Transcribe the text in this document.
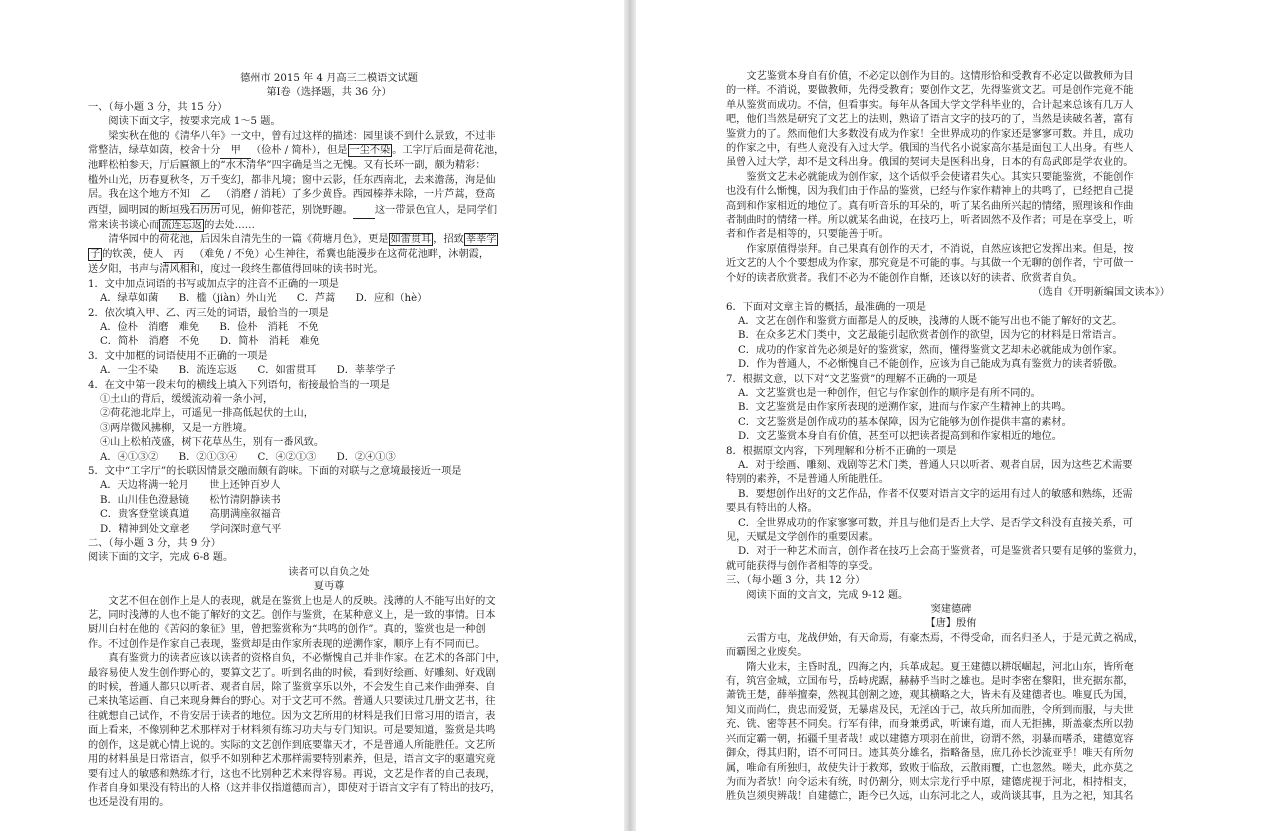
德州市 2015 年 4 月高三二模语文试题

第Ⅰ卷（选择题，共 36 分）

一、（每小题 3 分，共 15 分）

阅读下面文字，按要求完成 1～5 题。

梁实秋在他的《清华八年》一文中，曾有过这样的描述：园里谈不到什么景致，不过非

常整洁，绿草如茵，校舍十分　 甲　 （俭朴 / 简朴），但是 一尘不染 。工字厅后面是荷花池，

池畔松柏参天，厅后匾额上的“水木清华”四字确是当之无愧。又有长环一副，颇为精彩：

槛外山光，历春夏秋冬，万千变幻，都非凡境；窗中云影，任东西南北，去来澹荡，洵是仙

居。我在这个地方不知　 乙　 （消磨 / 消耗）了多少黄昏。西园榛莽未除，一片芦蒿，登高

西望，圆明园的断垣残石历历可见，俯仰苍茫，别饶野趣。　　 这一带景色宜人，是同学们

常来读书谈心而 流连忘返 的去处……

清华园中的荷花池，后因朱自清先生的一篇《荷塘月色》，更是 如雷贯耳 ，招致 莘莘学

子 的钦羡，使人　 丙　 （难免 / 不免）心生神往，希冀也能漫步在这荷花池畔，沐朝霞，

送夕阳，书声与清风相和，度过一段终生都值得回味的读书时光。

1．文中加点词语的书写或加点字的注音不正确的一项是

A．绿草如菌　　B．槛（jiàn）外山光　　C．芦蒿　　D．应和（hè）

2．依次填入甲、乙、丙三处的词语，最恰当的一项是

A．俭朴　消磨　难免　　B．俭朴　消耗　不免

C．简朴　消磨　不免　　D．简朴　消耗　难免

3．文中加框的词语使用不正确的一项是

A．一尘不染　　B．流连忘返　　C．如雷贯耳　　D．莘莘学子

4．在文中第一段末句的横线上填入下列语句，衔接最恰当的一项是

①土山的背后，缓缓流动着一条小河，

②荷花池北岸上，可遥见一排高低起伏的土山，

③两岸微风拂柳，又是一方胜境。

④山上松柏茂盛，树下花草丛生，别有一番风致。

A．④①③②　　B．②①③④　　C．④②①③　　D．②④①③

5．文中“工字厅”的长联因情景交融而颇有韵味。下面的对联与之意境最接近一项是

A．天边将满一轮月　　世上还钟百岁人

B．山川佳色澄悬镜　　松竹清阴静读书

C．贵客登堂谈真道　　高朋满座叙福音

D．精神到处文章老　　学问深时意气平

二、（每小题 3 分，共 9 分）

阅读下面的文字，完成 6-8 题。

读者可以自负之处

夏丏尊

文艺不但在创作上是人的表现，就是在鉴赏上也是人的反映。浅薄的人不能写出好的文

艺，同时浅薄的人也不能了解好的文艺。创作与鉴赏，在某种意义上，是一致的事情。日本

厨川白村在他的《苦闷的象征》里，曾把鉴赏称为“共鸣的创作”。真的，鉴赏也是一种创

作。不过创作是作家自己表现，鉴赏却是由作家所表现的逆溯作家，顺序上有不同而已。

真有鉴赏力的读者应该以读者的资格自负，不必惭愧自己并非作家。在艺术的各部门中，

最容易使人发生创作野心的，要算文艺了。听到名曲的时候，看到好绘画、好雕刻、好戏剧

的时候，普通人都只以听者、观者自居，除了鉴赏享乐以外，不会发生自己来作曲弹奏、自

己来执笔运画、自己来现身舞台的野心。对于文艺可不然。普通人只要读过几册文艺书，往

往就想自己试作，不肯安居于读者的地位。因为文艺所用的材料是我们日常习用的语言，表

面上看来，不像别种艺术那样对于材料须有练习功夫与专门知识。可是要知道，鉴赏是共鸣

的创作，这是就心情上说的。实际的文艺创作到底要靠天才，不是普通人所能胜任。文艺所

用的材料虽是日常语言，似乎不如别种艺术那样需要特别素养，但是，语言文字的驱遣究竟

要有过人的敏感和熟练才行，这也不比别种艺术来得容易。再说，文艺是作者的自己表现，

作者自身如果没有特出的人格（这并非仅指道德而言），即使对于语言文字有了特出的技巧，

也还是没有用的。

文艺鉴赏本身自有价值，不必定以创作为目的。这情形恰和受教育不必定以做教师为目

的一样。不消说，要做教师，先得受教育；要创作文艺，先得鉴赏文艺。可是创作完竟不能

单从鉴赏而成功。不信，但看事实。每年从各国大学文学科毕业的，合计起来总该有几万人

吧，他们当然是研究了文艺上的法则，熟谙了语言文字的技巧的了，当然是读破名著，富有

鉴赏力的了。然而他们大多数没有成为作家！全世界成功的作家还是寥寥可数。并且，成功

的作家之中，有些人竟没有入过大学。俄国的当代名小说家高尔基是面包工人出身。有些人

虽曾入过大学，却不是文科出身。俄国的契诃夫是医科出身，日本的有岛武郎是学农业的。

鉴赏文艺未必就能成为创作家，这个话似乎会使诸君失心。其实只要能鉴赏，不能创作

也没有什么惭愧，因为我们由于作品的鉴赏，已经与作家作精神上的共鸣了，已经把自己提

高到和作家相近的地位了。真有听音乐的耳朵的，听了某名曲所兴起的情绪，照理该和作曲

者制曲时的情绪一样。所以就某名曲说，在技巧上，听者固然不及作者；可是在享受上，听

者和作者是相等的，只要能善于听。

作家原值得崇拜。自己果真有创作的天才，不消说，自然应该把它发挥出来。但是，按

近文艺的人个个要想成为作家，那究竟是不可能的事。与其做一个无聊的创作者，宁可做一

个好的读者欣赏者。我们不必为不能创作自惭，还该以好的读者、欣赏者自负。

（选自《开明新编国文读本》）

6．下面对文章主旨的概括，最准确的一项是

A．文艺在创作和鉴赏方面都是人的反映，浅薄的人既不能写出也不能了解好的文艺。

B．在众多艺术门类中，文艺最能引起欣赏者创作的欲望，因为它的材料是日常语言。

C．成功的作家首先必须是好的鉴赏家，然而，懂得鉴赏文艺却未必就能成为创作家。

D．作为普通人，不必惭愧自己不能创作，应该为自己能成为真有鉴赏力的读者骄傲。

7．根据文意，以下对“文艺鉴赏”的理解不正确的一项是

A．文艺鉴赏也是一种创作，但它与作家创作的顺序是有所不同的。

B．文艺鉴赏是由作家所表现的逆溯作家，进而与作家产生精神上的共鸣。

C．文艺鉴赏是创作成功的基本保障，因为它能够为创作提供丰富的素材。

D．文艺鉴赏本身自有价值，甚至可以把读者提高到和作家相近的地位。

8．根据原文内容，下列理解和分析不正确的一项是

A．对于绘画、雕刻、戏剧等艺术门类，普通人只以听者、观者自居，因为这些艺术需要

特别的素养，不是普通人所能胜任。

B．要想创作出好的文艺作品，作者不仅要对语言文字的运用有过人的敏感和熟练，还需

要具有特出的人格。

C．全世界成功的作家寥寥可数，并且与他们是否上大学、是否学文科没有直接关系，可

见，天赋是文学创作的重要因素。

D．对于一种艺术而言，创作者在技巧上会高于鉴赏者，可是鉴赏者只要有足够的鉴赏力，

就可能获得与创作者相等的享受。

三、（每小题 3 分，共 12 分）

阅读下面的文言文，完成 9-12 题。

窦建德碑

【唐】殷侑

云雷方屯，龙战伊始，有天命焉，有豪杰焉，不得受命，而名归圣人，于是元黄之祸成，

而霸图之业废矣。

隋大业末，主昏时乱，四海之内，兵革成起。夏王建德以耕氓崛起，河北山东，皆所奄

有，筑宫金城，立国布号，岳峙虎踞，赫赫乎当时之雄也。是时李密在黎阳，世充据东都，

萧铣王楚，薛举擅秦，然视其创割之迹，观其横略之大，皆未有及建德者也。唯夏氏为国，

知义而尚仁，贵忠而爱贤，无暴虐及民，无淫凶于己，故兵所加而胜，令所到而服，与夫世

充、铣、密等甚不同矣。行军有律，而身兼勇武，听谏有道，而人无拒拂，斯盖豪杰所以勃

兴而定霸一朝，拓疆千里者哉！或以建德方项羽在前世，窃谓不然，羽暴而嗜杀，建德宽容

御众，得其归附，语不可同日。迹其英分雄名，指略备垦，庶几孙长沙流亚乎！唯天有所勿

属，唯命有所独归，故使失计于救郑，致败于临敌，云散雨覆，亡也忽然。嗟夫，此亦莫之

为而为者欤！向令运未有统，时仍割分，则太宗龙行乎中原，建德虎视于河北，相持相支，

胜负岂须臾辨哉！自建德亡，距今已久远，山东河北之人，或尚谈其事，且为之祀，知其名
